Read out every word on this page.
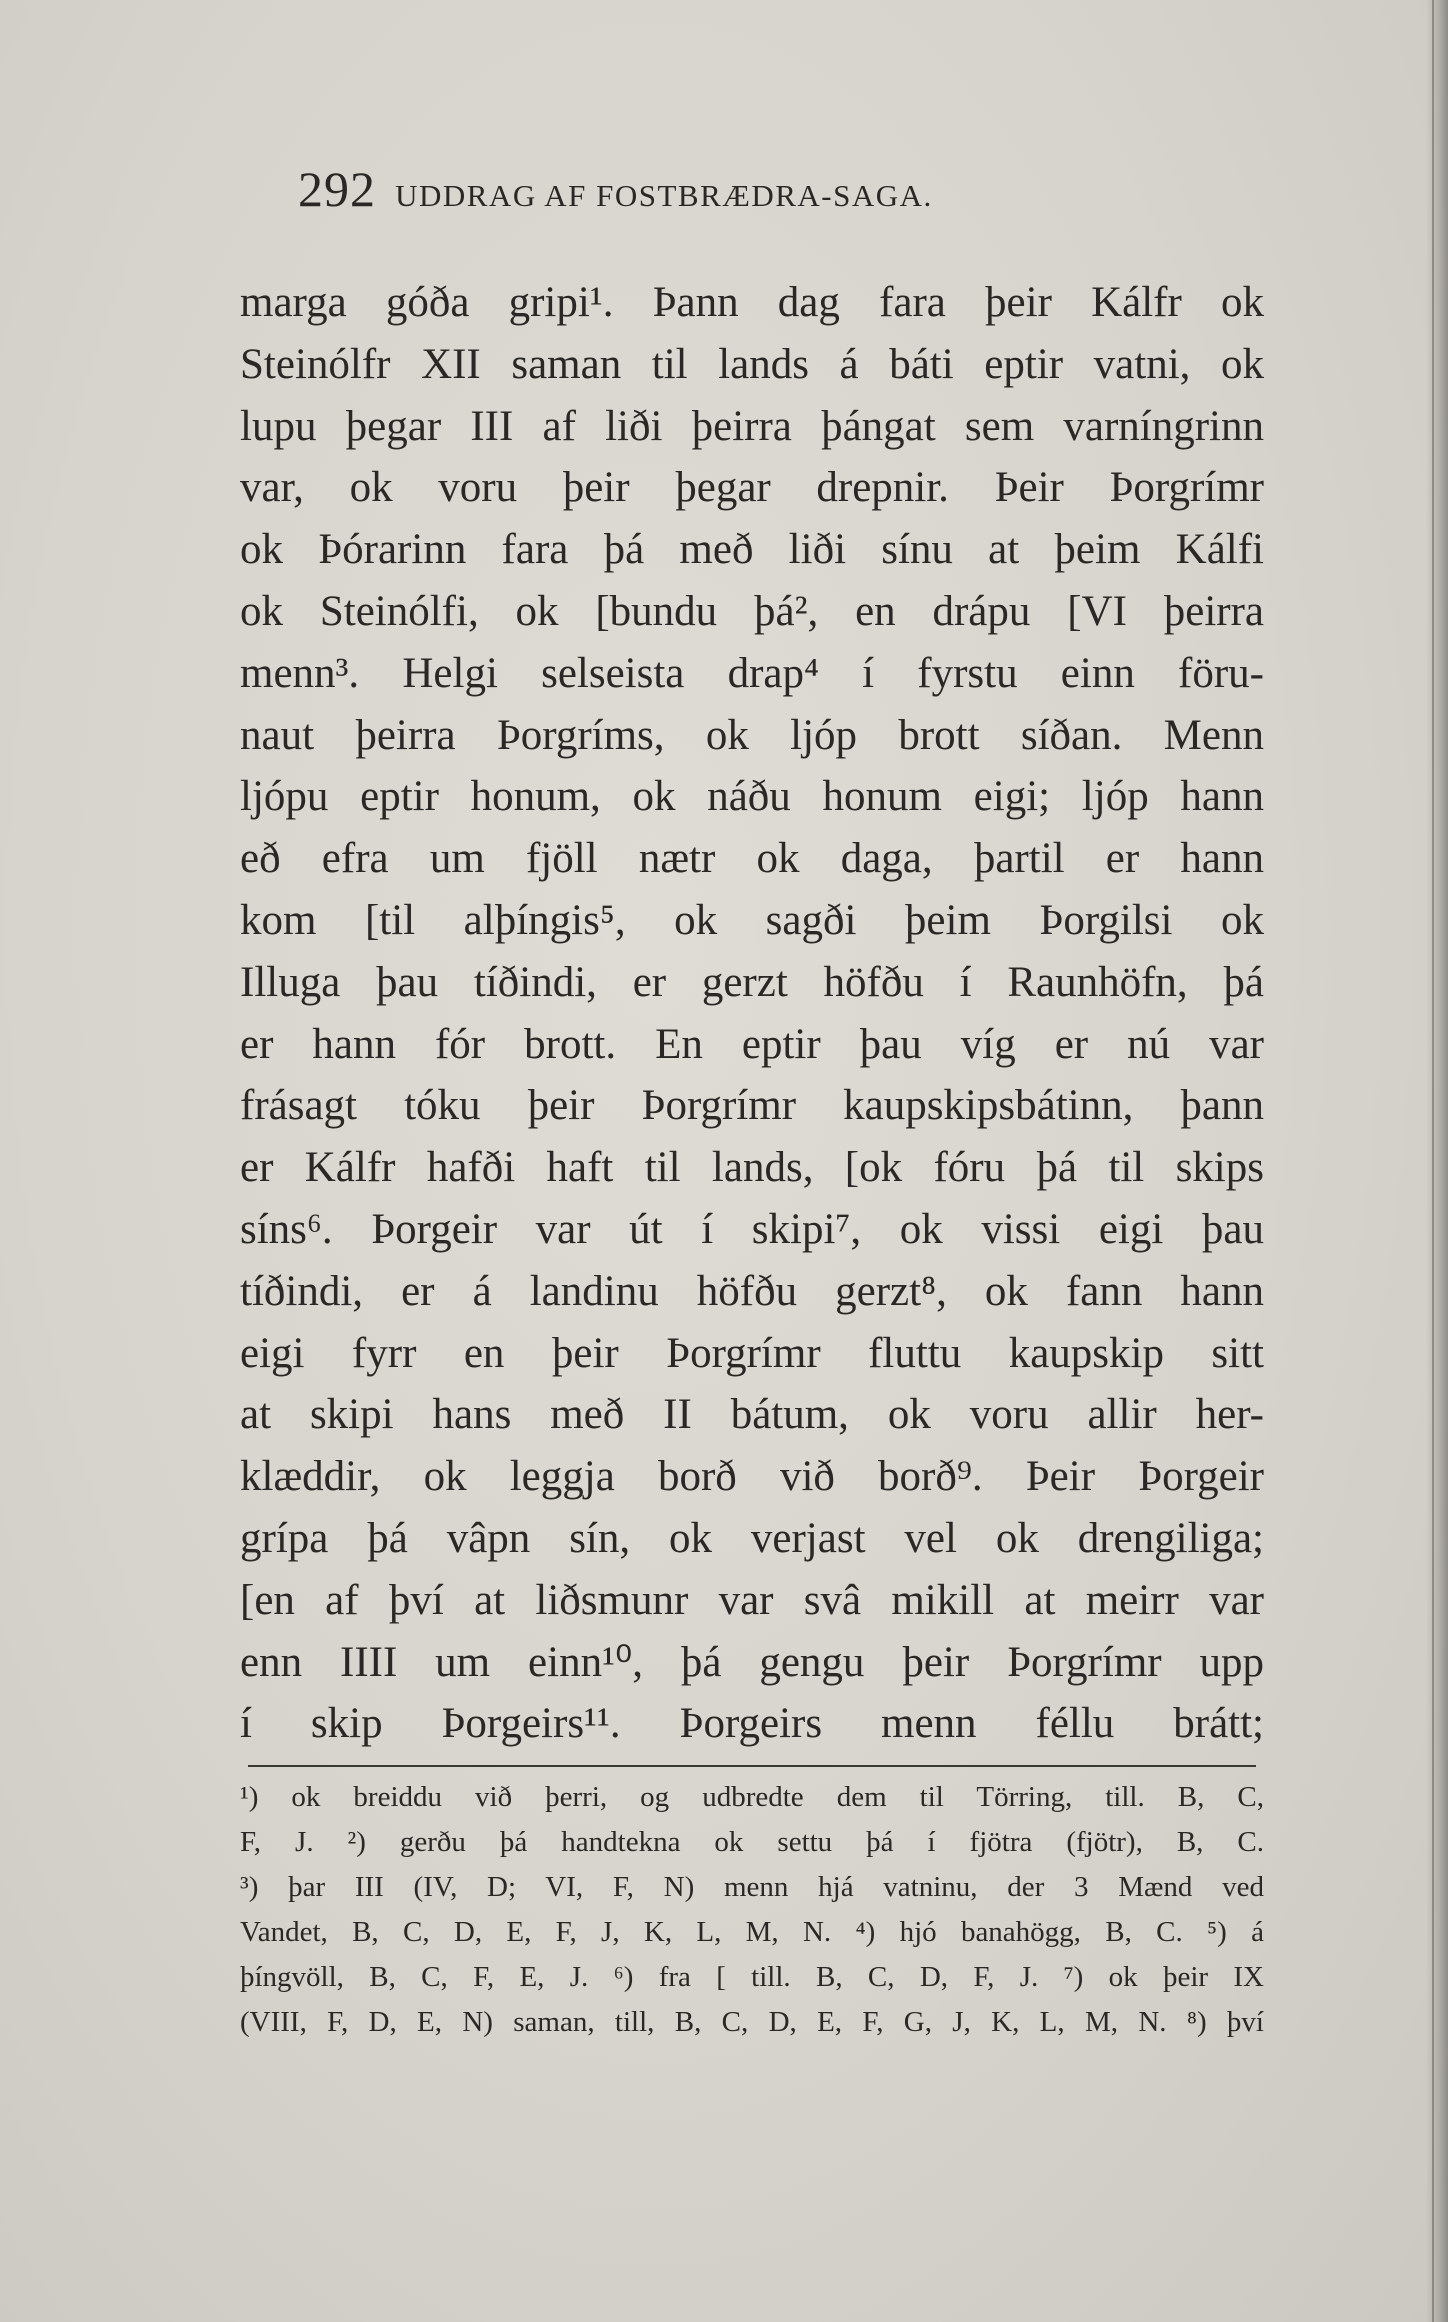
292 UDDRAG AF FOSTBRÆDRA-SAGA.
marga góða gripi¹. Þann dag fara þeir Kálfr ok
Steinólfr XII saman til lands á báti eptir vatni, ok
lupu þegar III af liði þeirra þángat sem varníngrinn
var, ok voru þeir þegar drepnir. Þeir Þorgrímr
ok Þórarinn fara þá með liði sínu at þeim Kálfi
ok Steinólfi, ok [bundu þá², en drápu [VI þeirra
menn³. Helgi selseista drap⁴ í fyrstu einn föru-
naut þeirra Þorgríms, ok ljóp brott síðan. Menn
ljópu eptir honum, ok náðu honum eigi; ljóp hann
eð efra um fjöll nætr ok daga, þartil er hann
kom [til alþíngis⁵, ok sagði þeim Þorgilsi ok
Illuga þau tíðindi, er gerzt höfðu í Raunhöfn, þá
er hann fór brott. En eptir þau víg er nú var
frásagt tóku þeir Þorgrímr kaupskipsbátinn, þann
er Kálfr hafði haft til lands, [ok fóru þá til skips
síns⁶. Þorgeir var út í skipi⁷, ok vissi eigi þau
tíðindi, er á landinu höfðu gerzt⁸, ok fann hann
eigi fyrr en þeir Þorgrímr fluttu kaupskip sitt
at skipi hans með II bátum, ok voru allir her-
klæddir, ok leggja borð við borð⁹. Þeir Þorgeir
grípa þá vâpn sín, ok verjast vel ok drengiliga;
[en af því at liðsmunr var svâ mikill at meirr var
enn IIII um einn¹⁰, þá gengu þeir Þorgrímr upp
í skip Þorgeirs¹¹. Þorgeirs menn féllu brátt;
¹) ok breiddu við þerri, og udbredte dem til Törring, till. B, C,
F, J. ²) gerðu þá handtekna ok settu þá í fjötra (fjötr), B, C.
³) þar III (IV, D; VI, F, N) menn hjá vatninu, der 3 Mænd ved
Vandet, B, C, D, E, F, J, K, L, M, N. ⁴) hjó banahögg, B, C. ⁵) á
þíngvöll, B, C, F, E, J. ⁶) fra [ till. B, C, D, F, J. ⁷) ok þeir IX
(VIII, F, D, E, N) saman, till, B, C, D, E, F, G, J, K, L, M, N. ⁸) því
